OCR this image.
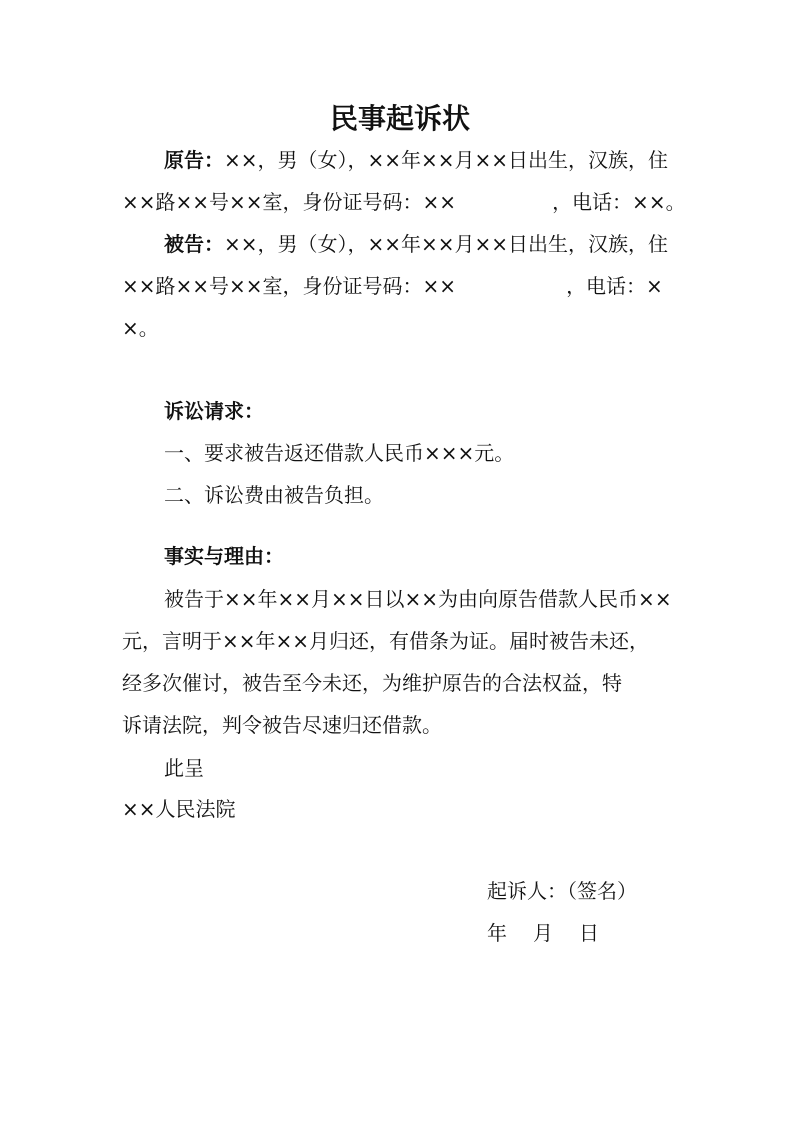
民事起诉状
原告：××，男（女），××年××月××日出生，汉族，住
××路××号××室，身份证号码：××	，电话：××。
被告：××，男（女），××年××月××日出生，汉族，住
××路××号××室，身份证号码：××	，电话：×
×。
诉讼请求：
一、要求被告返还借款人民币×××元。
二、诉讼费由被告负担。
事实与理由：
被告于××年××月××日以××为由向原告借款人民币××
元，言明于××年××月归还，有借条为证。届时被告未还，
经多次催讨，被告至今未还，为维护原告的合法权益，特
诉请法院，判令被告尽速归还借款。
此呈
××人民法院
起诉人：（签名）
年 月 日
